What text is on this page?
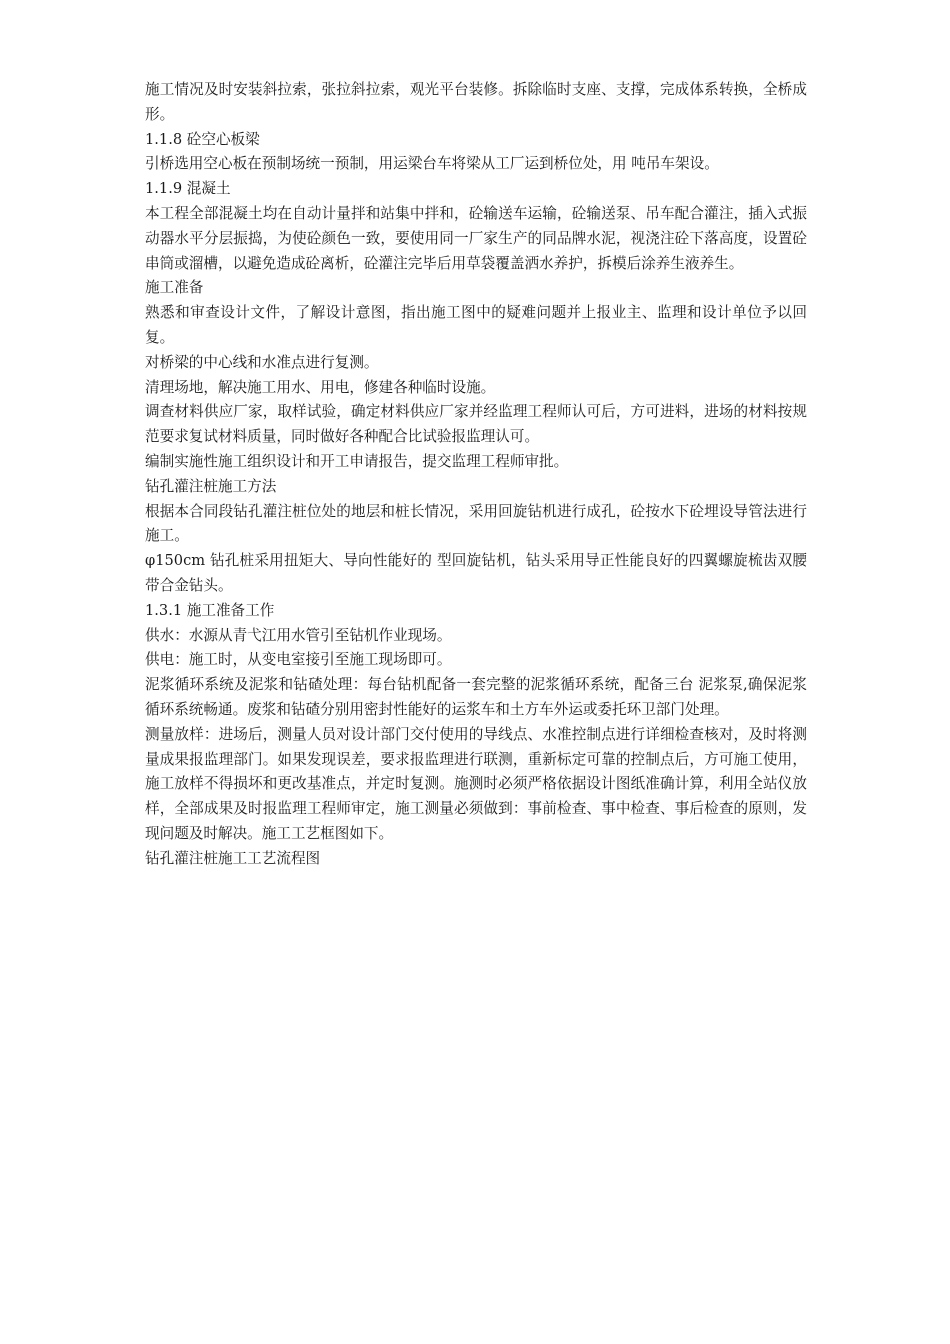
施工情况及时安装斜拉索，张拉斜拉索，观光平台装修。拆除临时支座、支撑，完成体系转换，全桥成形。

1.1.8 砼空心板梁

引桥选用空心板在预制场统一预制，用运梁台车将梁从工厂运到桥位处，用 吨吊车架设。

1.1.9 混凝土

本工程全部混凝土均在自动计量拌和站集中拌和，砼输送车运输，砼输送泵、吊车配合灌注，插入式振动器水平分层振捣，为使砼颜色一致，要使用同一厂家生产的同品牌水泥，视浇注砼下落高度，设置砼串筒或溜槽，以避免造成砼离析，砼灌注完毕后用草袋覆盖洒水养护，拆模后涂养生液养生。

施工准备

熟悉和审查设计文件，了解设计意图，指出施工图中的疑难问题并上报业主、监理和设计单位予以回复。

对桥梁的中心线和水准点进行复测。

清理场地，解决施工用水、用电，修建各种临时设施。

调查材料供应厂家，取样试验，确定材料供应厂家并经监理工程师认可后，方可进料，进场的材料按规范要求复试材料质量，同时做好各种配合比试验报监理认可。

编制实施性施工组织设计和开工申请报告，提交监理工程师审批。

钻孔灌注桩施工方法

根据本合同段钻孔灌注桩位处的地层和桩长情况，采用回旋钻机进行成孔，砼按水下砼埋设导管法进行施工。

φ150cm 钻孔桩采用扭矩大、导向性能好的 型回旋钻机，钻头采用导正性能良好的四翼螺旋梳齿双腰带合金钻头。

1.3.1 施工准备工作

供水：水源从青弋江用水管引至钻机作业现场。

供电：施工时，从变电室接引至施工现场即可。

泥浆循环系统及泥浆和钻碴处理：每台钻机配备一套完整的泥浆循环系统，配备三台 泥浆泵,确保泥浆循环系统畅通。废浆和钻碴分别用密封性能好的运浆车和土方车外运或委托环卫部门处理。

测量放样：进场后，测量人员对设计部门交付使用的导线点、水准控制点进行详细检查核对，及时将测量成果报监理部门。如果发现误差，要求报监理进行联测，重新标定可靠的控制点后，方可施工使用，施工放样不得损坏和更改基准点，并定时复测。施测时必须严格依据设计图纸准确计算，利用全站仪放样，全部成果及时报监理工程师审定，施工测量必须做到：事前检查、事中检查、事后检查的原则，发现问题及时解决。施工工艺框图如下。

钻孔灌注桩施工工艺流程图
